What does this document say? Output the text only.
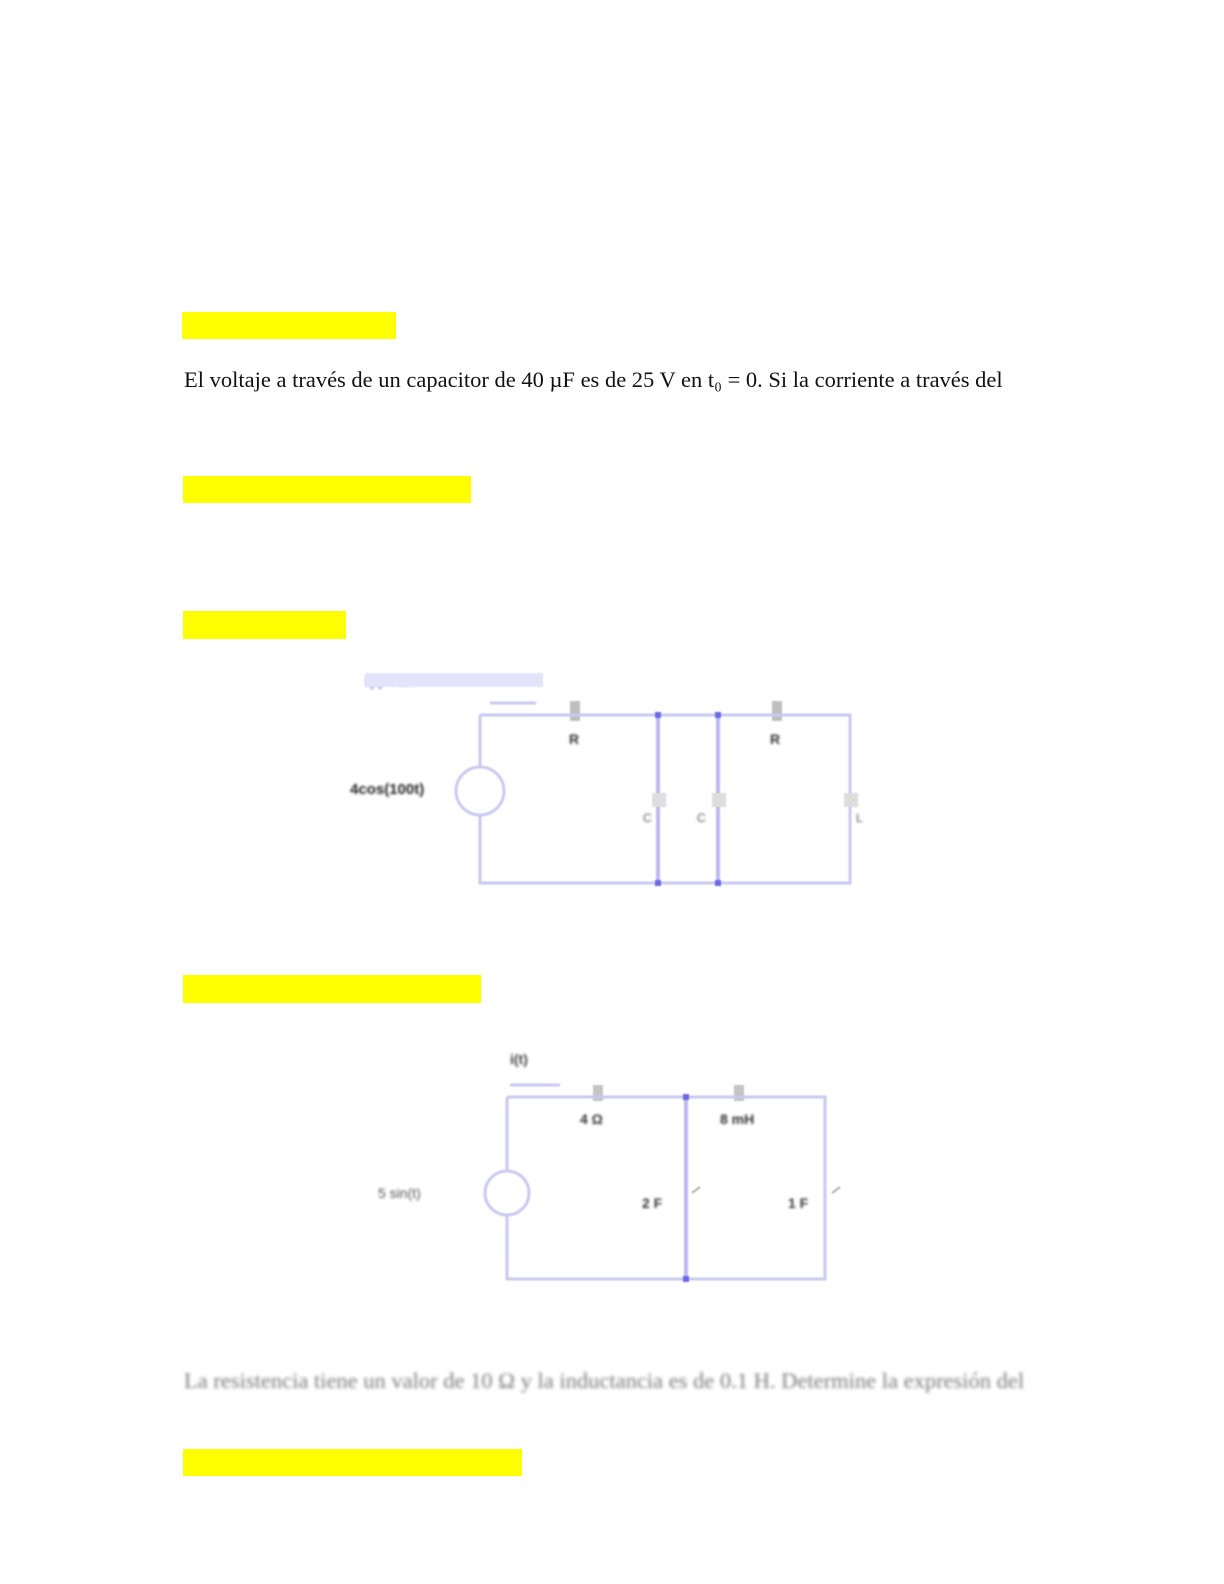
El voltaje a través de un capacitor de 40 µF es de 25 V en t₀ = 0. Si la corriente a través del
4cos(100t)
R	R
C	C	L
i(t)
5 sin(t)
4 Ω	8 mH
2 F	1 F
La resistencia tiene un valor de 10 Ω y la inductancia es de 0.1 H. Determine la expresión del
